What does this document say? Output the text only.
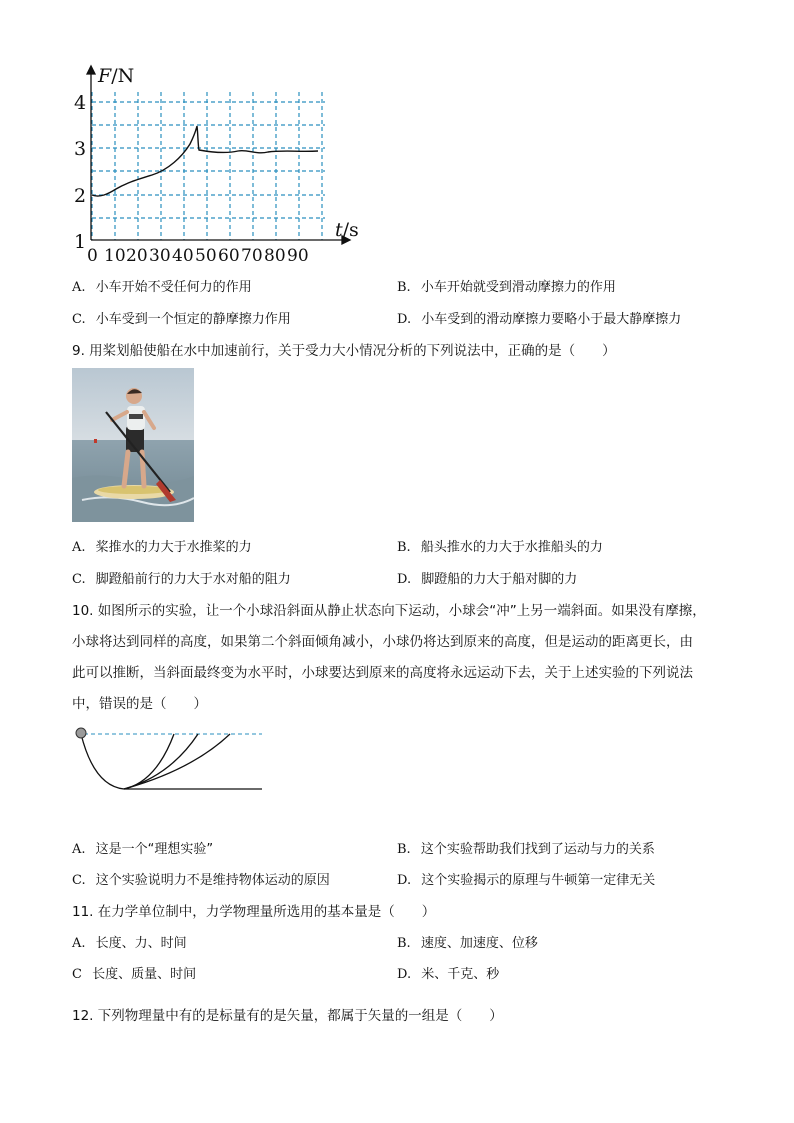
F/N
t/s
4
3
2
1
0 10 20 30 40 50 60 70 80 90
A. 小车开始不受任何力的作用	B. 小车开始就受到滑动摩擦力的作用
C. 小车受到一个恒定的静摩擦力作用	D. 小车受到的滑动摩擦力要略小于最大静摩擦力
9. 用桨划船使船在水中加速前行，关于受力大小情况分析的下列说法中，正确的是（　　）
A. 桨推水的力大于水推桨的力	B. 船头推水的力大于水推船头的力
C. 脚蹬船前行的力大于水对船的阻力	D. 脚蹬船的力大于船对脚的力
10. 如图所示的实验，让一个小球沿斜面从静止状态向下运动，小球会“冲”上另一端斜面。如果没有摩擦，
小球将达到同样的高度，如果第二个斜面倾角减小，小球仍将达到原来的高度，但是运动的距离更长，由
此可以推断，当斜面最终变为水平时，小球要达到原来的高度将永远运动下去，关于上述实验的下列说法
中，错误的是（　　）
A. 这是一个“理想实验”	B. 这个实验帮助我们找到了运动与力的关系
C. 这个实验说明力不是维持物体运动的原因	D. 这个实验揭示的原理与牛顿第一定律无关
11. 在力学单位制中，力学物理量所选用的基本量是（　　）
A. 长度、力、时间	B. 速度、加速度、位移
C 长度、质量、时间	D. 米、千克、秒
12. 下列物理量中有的是标量有的是矢量，都属于矢量的一组是（　　）
